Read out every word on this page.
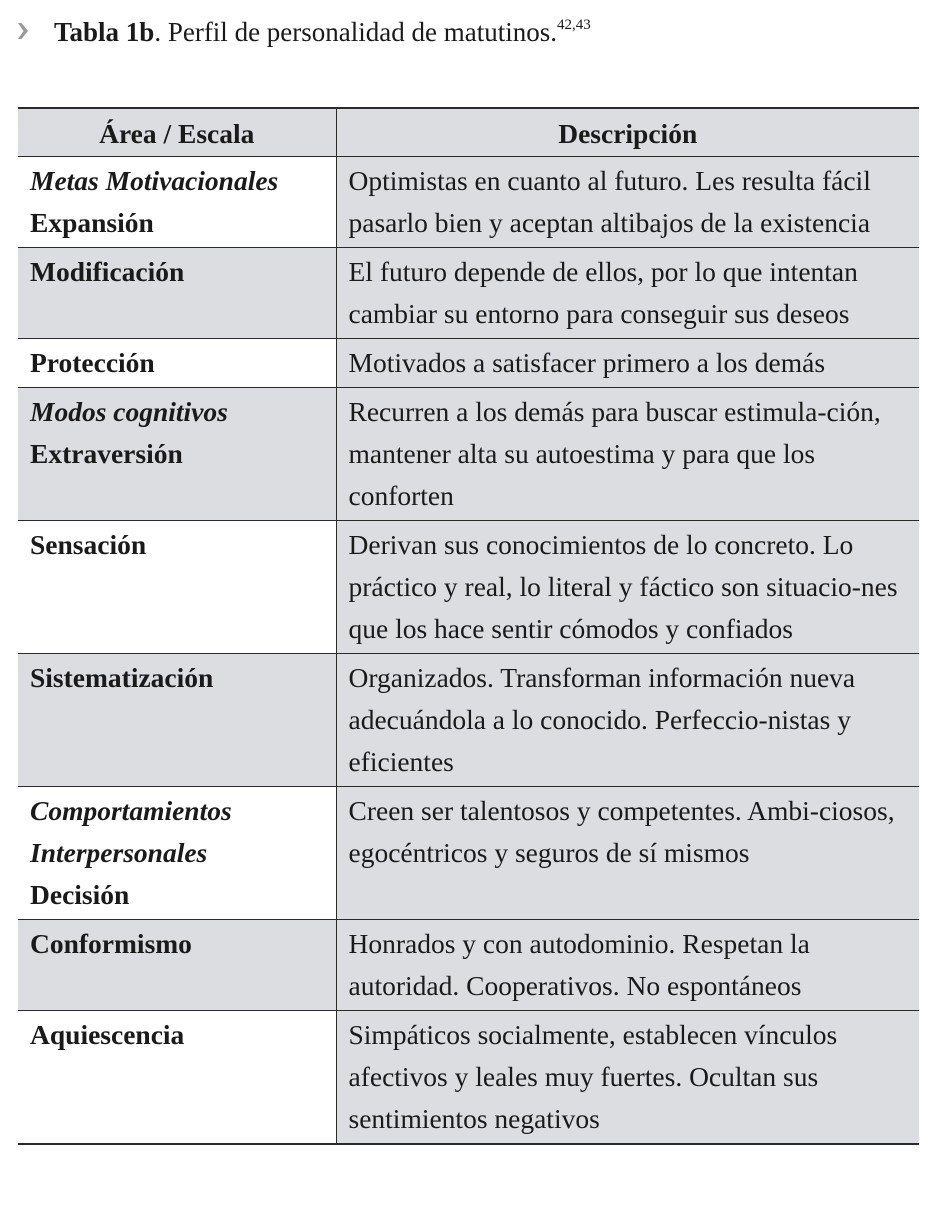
Tabla 1b. Perfil de personalidad de matutinos.$^{42,43}$
Área / Escala	Descripción

Metas Motivacionales
Expansión	Optimistas en cuanto al futuro. Les resulta fácil pasarlo bien y aceptan altibajos de la existencia

Modificación	El futuro depende de ellos, por lo que intentan cambiar su entorno para conseguir sus deseos

Protección	Motivados a satisfacer primero a los demás

Modos cognitivos
Extraversión	Recurren a los demás para buscar estimula-ción, mantener alta su autoestima y para que los conforten

Sensación	Derivan sus conocimientos de lo concreto. Lo práctico y real, lo literal y fáctico son situacio-nes que los hace sentir cómodos y confiados

Sistematización	Organizados. Transforman información nueva adecuándola a lo conocido. Perfeccio-nistas y eficientes

Comportamientos Interpersonales
Decisión	Creen ser talentosos y competentes. Ambi-ciosos, egocéntricos y seguros de sí mismos

Conformismo	Honrados y con autodominio. Respetan la autoridad. Cooperativos. No espontáneos

Aquiescencia	Simpáticos socialmente, establecen vínculos afectivos y leales muy fuertes. Ocultan sus sentimientos negativos
